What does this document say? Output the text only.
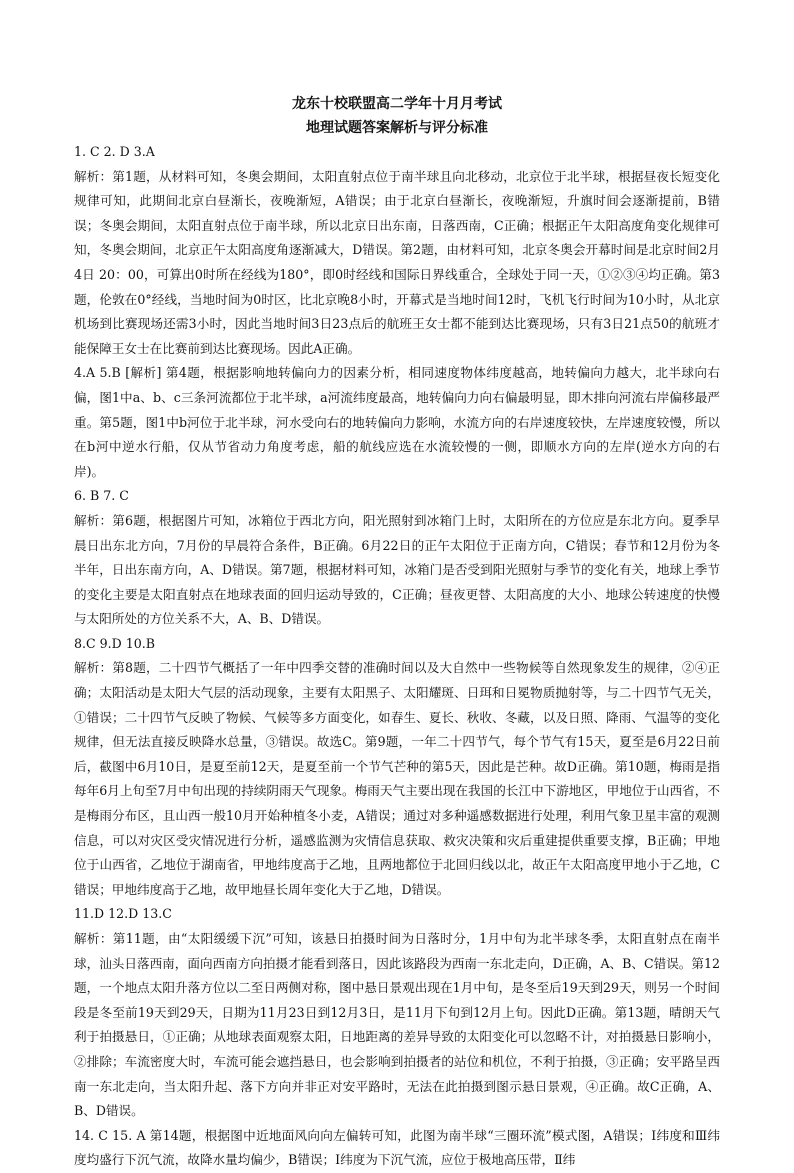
龙东十校联盟高二学年十月月考试
地理试题答案解析与评分标准
1. C 2. D 3.A
解析：第1题，从材料可知，冬奥会期间，太阳直射点位于南半球且向北移动，北京位于北半球，根据昼夜长短变化规律可知，此期间北京白昼渐长，夜晚渐短，A错误；由于北京白昼渐长，夜晚渐短，升旗时间会逐渐提前，B错误；冬奥会期间，太阳直射点位于南半球，所以北京日出东南，日落西南，C正确；根据正午太阳高度角变化规律可知，冬奥会期间，北京正午太阳高度角逐渐减大，D错误。第2题，由材料可知，北京冬奥会开幕时间是北京时间2月4日 20：00，可算出0时所在经线为180°，即0时经线和国际日界线重合，全球处于同一天，①②③④均正确。第3题，伦敦在0°经线，当地时间为0时区，比北京晚8小时，开幕式是当地时间12时，飞机飞行时间为10小时，从北京机场到比赛现场还需3小时，因此当地时间3日23点后的航班王女士都不能到达比赛现场，只有3日21点50的航班才能保障王女士在比赛前到达比赛现场。因此A正确。
4.A 5.B [解析] 第4题，根据影响地转偏向力的因素分析，相同速度物体纬度越高，地转偏向力越大，北半球向右偏，图1中a、b、c三条河流都位于北半球，a河流纬度最高，地转偏向力向右偏最明显，即木排向河流右岸偏移最严重。第5题，图1中b河位于北半球，河水受向右的地转偏向力影响，水流方向的右岸速度较快，左岸速度较慢，所以在b河中逆水行船，仅从节省动力角度考虑，船的航线应选在水流较慢的一侧，即顺水方向的左岸(逆水方向的右岸)。
6. B 7. C
解析：第6题，根据图片可知，冰箱位于西北方向，阳光照射到冰箱门上时，太阳所在的方位应是东北方向。夏季早晨日出东北方向，7月份的早晨符合条件，B正确。6月22日的正午太阳位于正南方向，C错误；春节和12月份为冬半年，日出东南方向，A、D错误。第7题，根据材料可知，冰箱门是否受到阳光照射与季节的变化有关，地球上季节的变化主要是太阳直射点在地球表面的回归运动导致的，C正确；昼夜更替、太阳高度的大小、地球公转速度的快慢与太阳所处的方位关系不大，A、B、D错误。
8.C 9.D 10.B
解析：第8题，二十四节气概括了一年中四季交替的准确时间以及大自然中一些物候等自然现象发生的规律，②④正确；太阳活动是太阳大气层的活动现象，主要有太阳黑子、太阳耀斑、日珥和日冕物质抛射等，与二十四节气无关，①错误；二十四节气反映了物候、气候等多方面变化，如春生、夏长、秋收、冬藏，以及日照、降雨、气温等的变化规律，但无法直接反映降水总量，③错误。故选C。第9题，一年二十四节气，每个节气有15天，夏至是6月22日前后，截图中6月10日，是夏至前12天，是夏至前一个节气芒种的第5天，因此是芒种。故D正确。第10题，梅雨是指每年6月上旬至7月中旬出现的持续阴雨天气现象。梅雨天气主要出现在我国的长江中下游地区，甲地位于山西省，不是梅雨分布区，且山西一般10月开始种植冬小麦，A错误；通过对多种遥感数据进行处理，利用气象卫星丰富的观测信息，可以对灾区受灾情况进行分析，遥感监测为灾情信息获取、救灾决策和灾后重建提供重要支撑，B正确；甲地位于山西省，乙地位于湖南省，甲地纬度高于乙地，且两地都位于北回归线以北，故正午太阳高度甲地小于乙地，C错误；甲地纬度高于乙地，故甲地昼长周年变化大于乙地，D错误。
11.D 12.D 13.C
解析：第11题，由“太阳缓缓下沉”可知，该悬日拍摄时间为日落时分，1月中旬为北半球冬季，太阳直射点在南半球，汕头日落西南，面向西南方向拍摄才能看到落日，因此该路段为西南一东北走向，D正确，A、B、C错误。第12题，一个地点太阳升落方位以二至日两侧对称，图中悬日景观出现在1月中旬，是冬至后19天到29天，则另一个时间段是冬至前19天到29天，日期为11月23日到12月3日，是11月下旬到12月上旬。因此D正确。第13题，晴朗天气利于拍摄悬日，①正确；从地球表面观察太阳，日地距离的差异导致的太阳变化可以忽略不计，对拍摄悬日影响小，②排除；车流密度大时，车流可能会遮挡悬日，也会影响到拍摄者的站位和机位，不利于拍摄，③正确；安平路呈西南一东北走向，当太阳升起、落下方向并非正对安平路时，无法在此拍摄到图示悬日景观，④正确。故C正确，A、B、D错误。
14. C 15. A 第14题，根据图中近地面风向向左偏转可知，此图为南半球“三圈环流”模式图，A错误；Ⅰ纬度和Ⅲ纬度均盛行下沉气流，故降水量均偏少，B错误；Ⅰ纬度为下沉气流，应位于极地高压带，Ⅱ纬
